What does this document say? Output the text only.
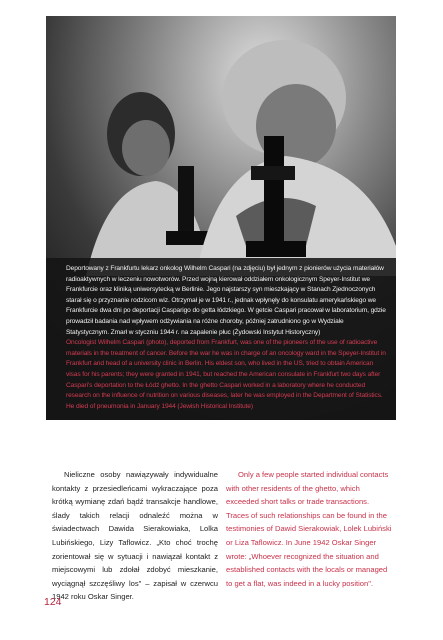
Deportowany z Frankfurtu lekarz onkolog Wilhelm Caspari (na zdjęciu) był jednym z pionierów użycia materiałów radioaktywnych w leczeniu nowotworów. Przed wojną kierował oddziałem onkologicznym Speyer-Institut we Frankfurcie oraz kliniką uniwersytecką w Berlinie. Jego najstarszy syn mieszkający w Stanach Zjednoczonych starał się o przyznanie rodzicom wiz. Otrzymał je w 1941 r., jednak wpłynęły do konsulatu amerykańskiego we Frankfurcie dwa dni po deportacji Casparigo do getta łódzkiego. W getcie Caspari pracował w laboratorium, gdzie prowadził badania nad wpływem odżywiania na różne choroby, później zatrudniono go w Wydziale Statystycznym. Zmarł w styczniu 1944 r. na zapalenie płuc (Żydowski Instytut Historyczny)

Oncologist Wilhelm Caspari (photo), deported from Frankfurt, was one of the pioneers of the use of radioactive materials in the treatment of cancer. Before the war he was in charge of an oncology ward in the Speyer-Institut in Frankfurt and head of a university clinic in Berlin. His eldest son, who lived in the US, tried to obtain American visas for his parents; they were granted in 1941, but reached the American consulate in Frankfurt two days after Caspari's deportation to the Łódź ghetto. In the ghetto Caspari worked in a laboratory where he conducted research on the influence of nutrition on various diseases, later he was employed in the Department of Statistics. He died of pneumonia in January 1944 (Jewish Historical Institute)

Nieliczne osoby nawiązywały indywidualne kontakty z przesiedleńcami wykraczające poza krótką wymianę zdań bądź transakcje handlowe, ślady takich relacji odnaleźć można w świadectwach Dawida Sierakowiaka, Lolka Lubińskiego, Lizy Taflowicz. „Kto choć trochę zorientował się w sytuacji i nawiązał kontakt z miejscowymi lub zdołał zdobyć mieszkanie, wyciągnął szczęśliwy los" – zapisał w czerwcu 1942 roku Oskar Singer.

Only a few people started individual contacts with other residents of the ghetto, which exceeded short talks or trade transactions. Traces of such relationships can be found in the testimonies of Dawid Sierakowiak, Lolek Lubiński or Liza Taflowicz. In June 1942 Oskar Singer wrote: „Whoever recognized the situation and established contacts with the locals or managed to get a flat, was indeed in a lucky position".

124
